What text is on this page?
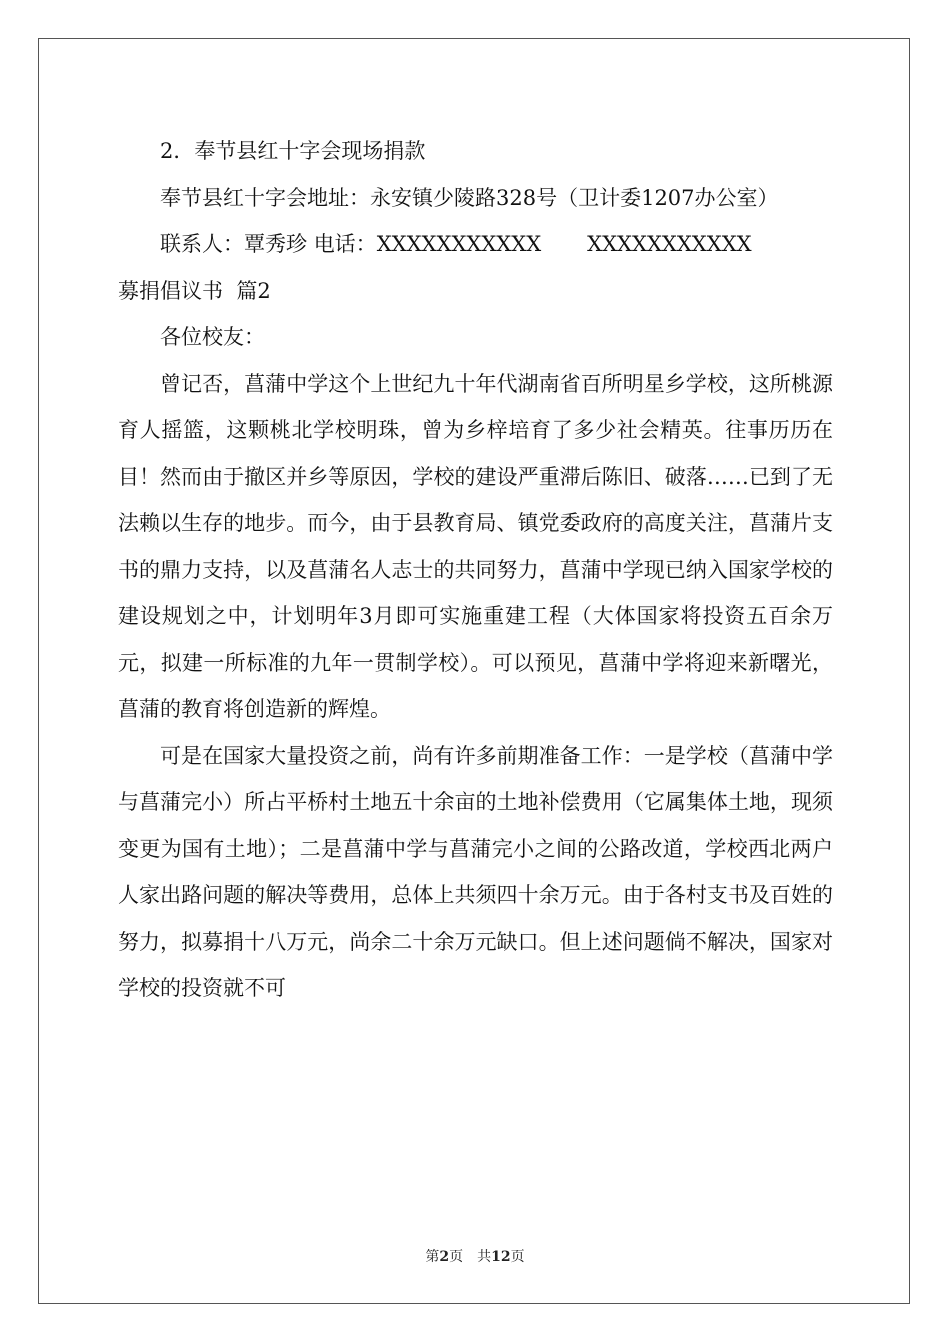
2．奉节县红十字会现场捐款

奉节县红十字会地址：永安镇少陵路328号（卫计委1207办公室）

联系人：覃秀珍 电话：XXXXXXXXXXX XXXXXXXXXXX
募捐倡议书  篇2
各位校友：

曾记否，菖蒲中学这个上世纪九十年代湖南省百所明星乡学校，这所桃源育人摇篮，这颗桃北学校明珠，曾为乡梓培育了多少社会精英。往事历历在目！然而由于撤区并乡等原因，学校的建设严重滞后陈旧、破落……已到了无法赖以生存的地步。而今，由于县教育局、镇党委政府的高度关注，菖蒲片支书的鼎力支持，以及菖蒲名人志士的共同努力，菖蒲中学现已纳入国家学校的建设规划之中，计划明年3月即可实施重建工程（大体国家将投资五百余万元，拟建一所标准的九年一贯制学校）。可以预见，菖蒲中学将迎来新曙光，菖蒲的教育将创造新的辉煌。

可是在国家大量投资之前，尚有许多前期准备工作：一是学校（菖蒲中学与菖蒲完小）所占平桥村土地五十余亩的土地补偿费用（它属集体土地，现须变更为国有土地）；二是菖蒲中学与菖蒲完小之间的公路改道，学校西北两户人家出路问题的解决等费用，总体上共须四十余万元。由于各村支书及百姓的努力，拟募捐十八万元，尚余二十余万元缺口。但上述问题倘不解决，国家对学校的投资就不可

第2页　共12页
